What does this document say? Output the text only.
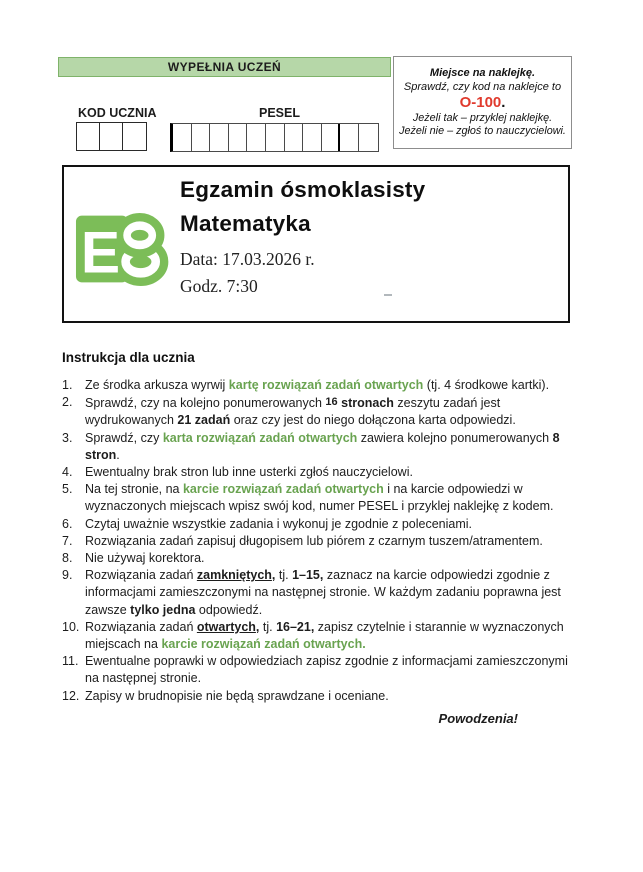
WYPEŁNIA UCZEŃ	Miejsce na naklejkę.
Sprawdź, czy kod na naklejce to
O-100.
Jeżeli tak – przyklej naklejkę.
Jeżeli nie – zgłoś to nauczycielowi.
KOD UCZNIA	PESEL
E
Egzamin ósmoklasisty
Matematyka
Data: 17.03.2026 r.
Godz. 7:30
Instrukcja dla ucznia
1.	Ze środka arkusza wyrwij kartę rozwiązań zadań otwartych (tj. 4 środkowe kartki).
2.	Sprawdź, czy na kolejno ponumerowanych 16 stronach zeszytu zadań jest wydrukowanych 21 zadań oraz czy jest do niego dołączona karta odpowiedzi.
3.	Sprawdź, czy karta rozwiązań zadań otwartych zawiera kolejno ponumerowanych 8 stron.
4.	Ewentualny brak stron lub inne usterki zgłoś nauczycielowi.
5.	Na tej stronie, na karcie rozwiązań zadań otwartych i na karcie odpowiedzi w wyznaczonych miejscach wpisz swój kod, numer PESEL i przyklej naklejkę z kodem.
6.	Czytaj uważnie wszystkie zadania i wykonuj je zgodnie z poleceniami.
7.	Rozwiązania zadań zapisuj długopisem lub piórem z czarnym tuszem/atramentem.
8.	Nie używaj korektora.
9.	Rozwiązania zadań zamkniętych, tj. 1–15, zaznacz na karcie odpowiedzi zgodnie z informacjami zamieszczonymi na następnej stronie. W każdym zadaniu poprawna jest zawsze tylko jedna odpowiedź.
10. Rozwiązania zadań otwartych, tj. 16–21, zapisz czytelnie i starannie w wyznaczonych miejscach na karcie rozwiązań zadań otwartych.
11. Ewentualne poprawki w odpowiedziach zapisz zgodnie z informacjami zamieszczonymi na następnej stronie.
12. Zapisy w brudnopisie nie będą sprawdzane i oceniane.
Powodzenia!
